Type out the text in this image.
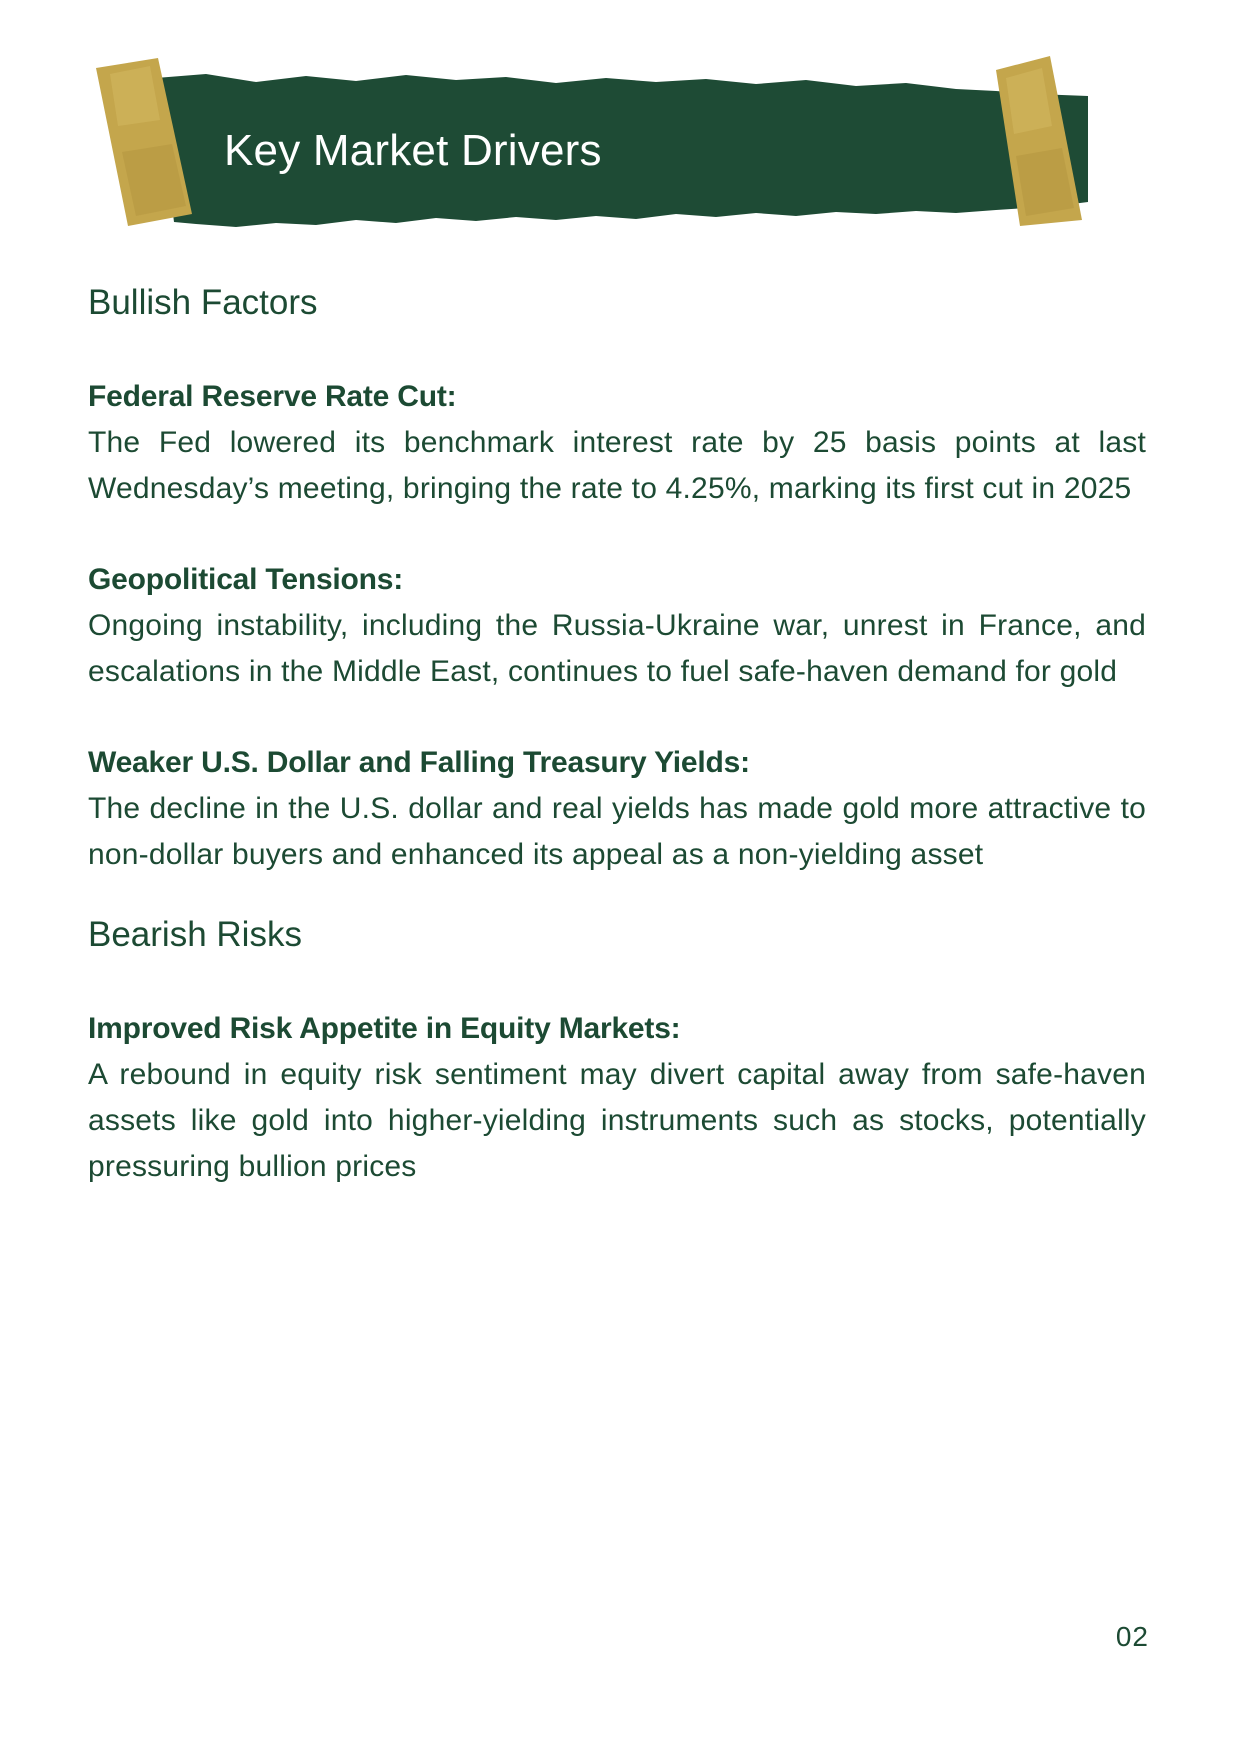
Key Market Drivers
Bullish Factors
Federal Reserve Rate Cut:
The Fed lowered its benchmark interest rate by 25 basis points at last Wednesday’s meeting, bringing the rate to 4.25%, marking its first cut in 2025
Geopolitical Tensions:
Ongoing instability, including the Russia-Ukraine war, unrest in France, and escalations in the Middle East, continues to fuel safe-haven demand for gold
Weaker U.S. Dollar and Falling Treasury Yields:
The decline in the U.S. dollar and real yields has made gold more attractive to non-dollar buyers and enhanced its appeal as a non-yielding asset
Bearish Risks
Improved Risk Appetite in Equity Markets:
A rebound in equity risk sentiment may divert capital away from safe-haven assets like gold into higher-yielding instruments such as stocks, potentially pressuring bullion prices
02
